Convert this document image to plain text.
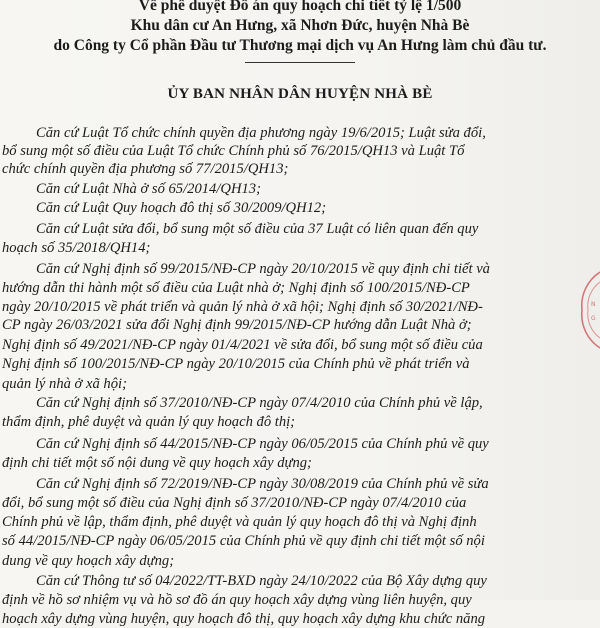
Về phê duyệt Đồ án quy hoạch chi tiết tỷ lệ 1/500
Khu dân cư An Hưng, xã Nhơn Đức, huyện Nhà Bè
do Công ty Cổ phần Đầu tư Thương mại dịch vụ An Hưng làm chủ đầu tư.
ỦY BAN NHÂN DÂN HUYỆN NHÀ BÈ
Căn cứ Luật Tổ chức chính quyền địa phương ngày 19/6/2015; Luật sửa đổi,
bổ sung một số điều của Luật Tổ chức Chính phủ số 76/2015/QH13 và Luật Tổ
chức chính quyền địa phương số 77/2015/QH13;
Căn cứ Luật Nhà ở số 65/2014/QH13;
Căn cứ Luật Quy hoạch đô thị số 30/2009/QH12;
Căn cứ Luật sửa đổi, bổ sung một số điều của 37 Luật có liên quan đến quy
hoạch số 35/2018/QH14;
Căn cứ Nghị định số 99/2015/NĐ-CP ngày 20/10/2015 về quy định chi tiết và
hướng dẫn thi hành một số điều của Luật nhà ở; Nghị định số 100/2015/NĐ-CP
ngày 20/10/2015 về phát triển và quản lý nhà ở xã hội; Nghị định số 30/2021/NĐ-
CP ngày 26/03/2021 sửa đổi Nghị định 99/2015/NĐ-CP hướng dẫn Luật Nhà ở;
Nghị định số 49/2021/NĐ-CP ngày 01/4/2021 về sửa đổi, bổ sung một số điều của
Nghị định số 100/2015/NĐ-CP ngày 20/10/2015 của Chính phủ về phát triển và
quản lý nhà ở xã hội;
Căn cứ Nghị định số 37/2010/NĐ-CP ngày 07/4/2010 của Chính phủ về lập,
thẩm định, phê duyệt và quản lý quy hoạch đô thị;
Căn cứ Nghị định số 44/2015/NĐ-CP ngày 06/05/2015 của Chính phủ về quy
định chi tiết một số nội dung về quy hoạch xây dựng;
Căn cứ Nghị định số 72/2019/NĐ-CP ngày 30/08/2019 của Chính phủ về sửa
đổi, bổ sung một số điều của Nghị định số 37/2010/NĐ-CP ngày 07/4/2010 của
Chính phủ về lập, thẩm định, phê duyệt và quản lý quy hoạch đô thị và Nghị định
số 44/2015/NĐ-CP ngày 06/05/2015 của Chính phủ về quy định chi tiết một số nội
dung về quy hoạch xây dựng;
Căn cứ Thông tư số 04/2022/TT-BXD ngày 24/10/2022 của Bộ Xây dựng quy
định về hồ sơ nhiệm vụ và hồ sơ đồ án quy hoạch xây dựng vùng liên huyện, quy
hoạch xây dựng vùng huyện, quy hoạch đô thị, quy hoạch xây dựng khu chức năng
N
G
